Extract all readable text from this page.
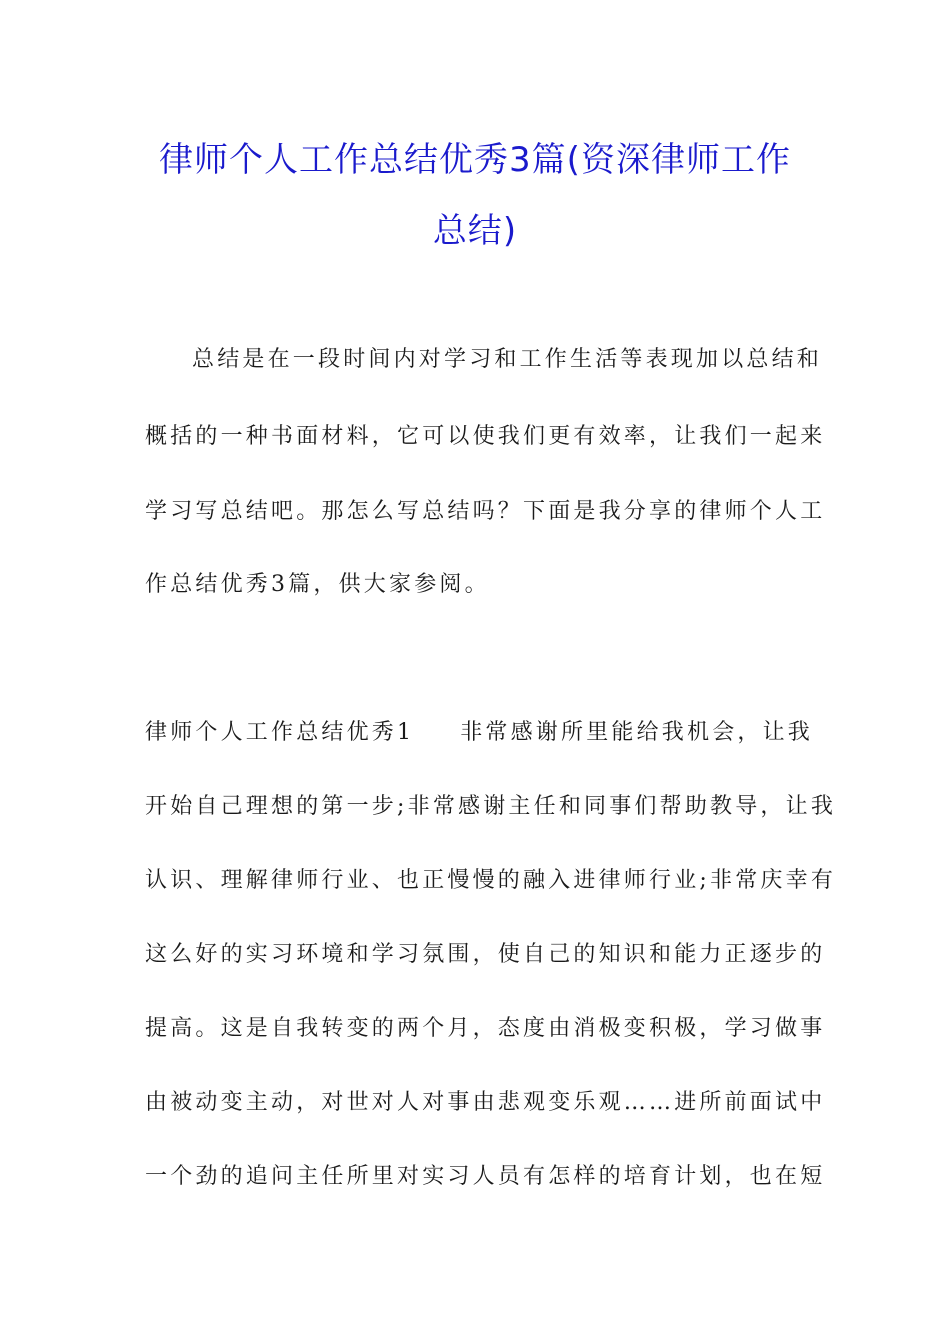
律师个人工作总结优秀3篇(资深律师工作
总结)

总结是在一段时间内对学习和工作生活等表现加以总结和

概括的一种书面材料，它可以使我们更有效率，让我们一起来

学习写总结吧。那怎么写总结吗？下面是我分享的律师个人工

作总结优秀3篇，供大家参阅。

律师个人工作总结优秀1 非常感谢所里能给我机会，让我

开始自己理想的第一步;非常感谢主任和同事们帮助教导，让我

认识、理解律师行业、也正慢慢的融入进律师行业;非常庆幸有

这么好的实习环境和学习氛围，使自己的知识和能力正逐步的

提高。这是自我转变的两个月，态度由消极变积极，学习做事

由被动变主动，对世对人对事由悲观变乐观……进所前面试中

一个劲的追问主任所里对实习人员有怎样的培育计划，也在短
